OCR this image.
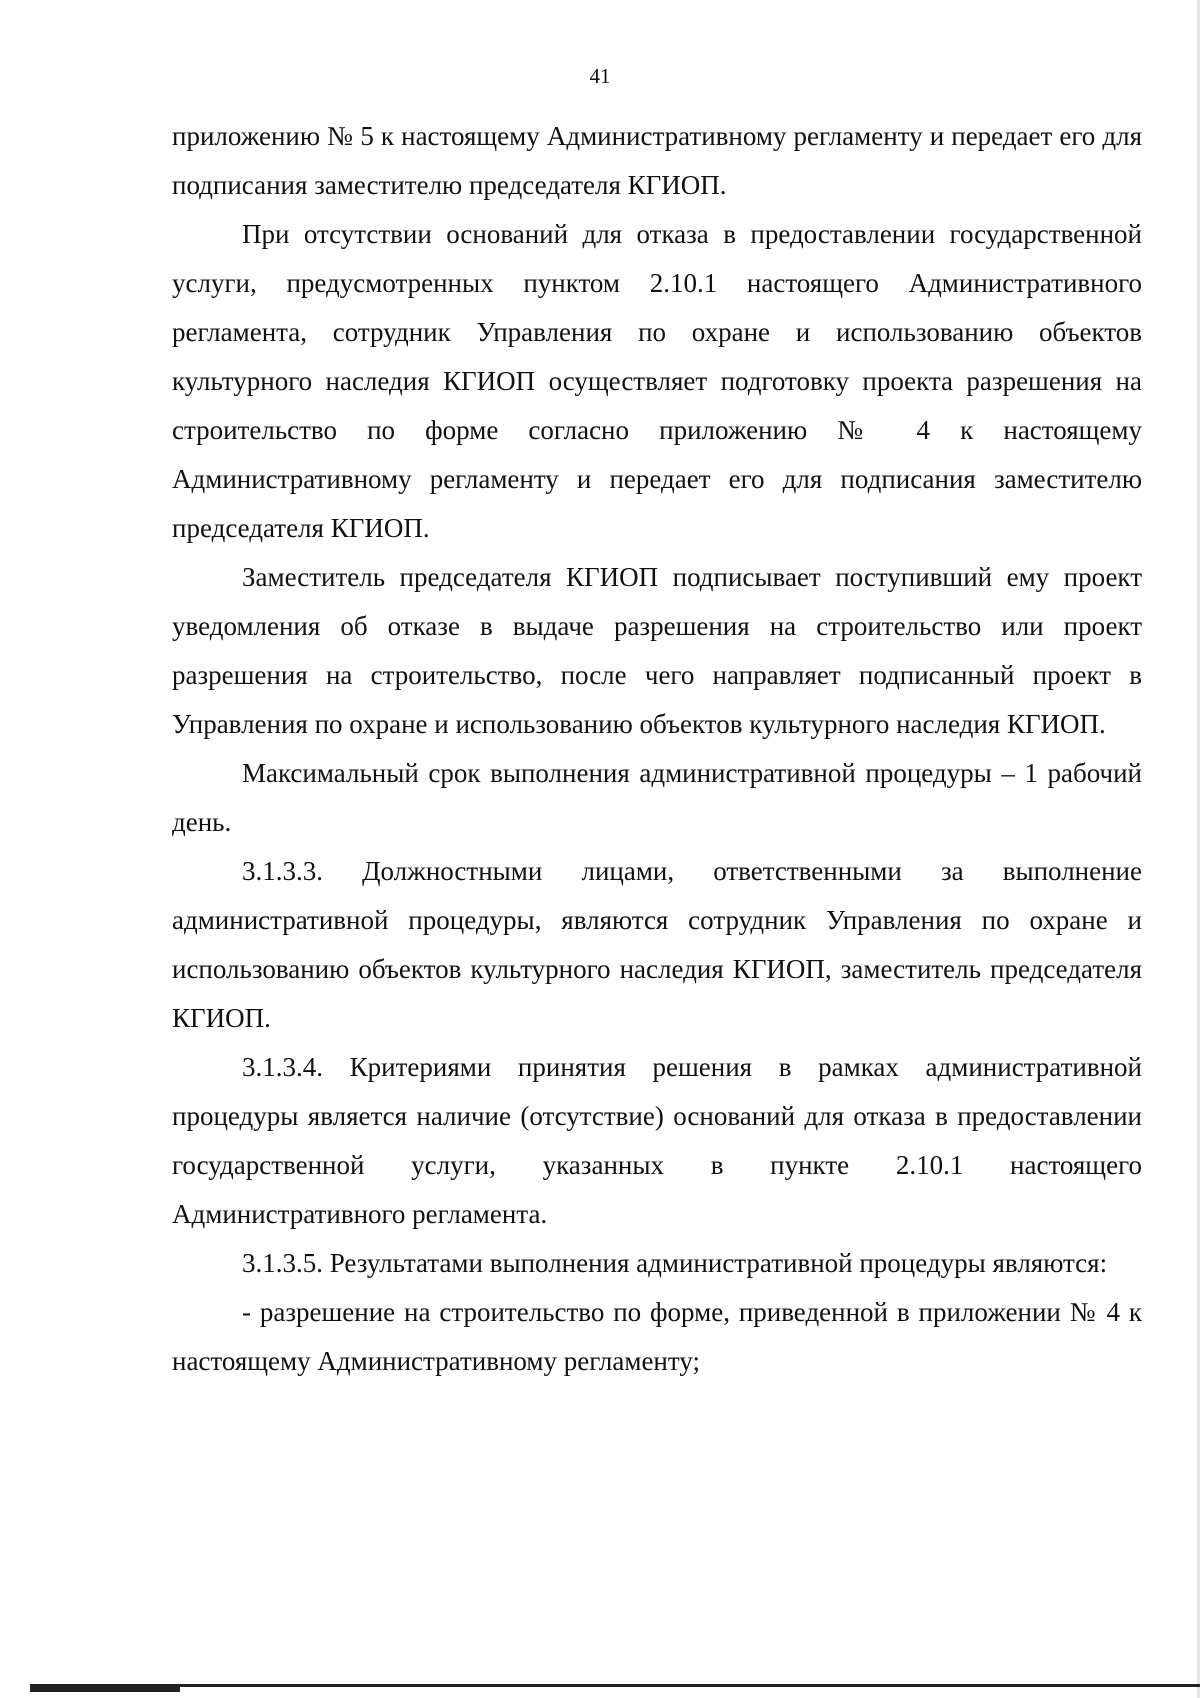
41

приложению № 5 к настоящему Административному регламенту и передает его для подписания заместителю председателя КГИОП.

При отсутствии оснований для отказа в предоставлении государственной услуги, предусмотренных пунктом 2.10.1 настоящего Административного регламента, сотрудник Управления по охране и использованию объектов культурного наследия КГИОП осуществляет подготовку проекта разрешения на строительство по форме согласно приложению № 4 к настоящему Административному регламенту и передает его для подписания заместителю председателя КГИОП.

Заместитель председателя КГИОП подписывает поступивший ему проект уведомления об отказе в выдаче разрешения на строительство или проект разрешения на строительство, после чего направляет подписанный проект в Управления по охране и использованию объектов культурного наследия КГИОП.

Максимальный срок выполнения административной процедуры – 1 рабочий день.

3.1.3.3. Должностными лицами, ответственными за выполнение административной процедуры, являются сотрудник Управления по охране и использованию объектов культурного наследия КГИОП, заместитель председателя КГИОП.

3.1.3.4. Критериями принятия решения в рамках административной процедуры является наличие (отсутствие) оснований для отказа в предоставлении государственной услуги, указанных в пункте 2.10.1 настоящего Административного регламента.

3.1.3.5. Результатами выполнения административной процедуры являются:

- разрешение на строительство по форме, приведенной в приложении № 4 к настоящему Административному регламенту;
